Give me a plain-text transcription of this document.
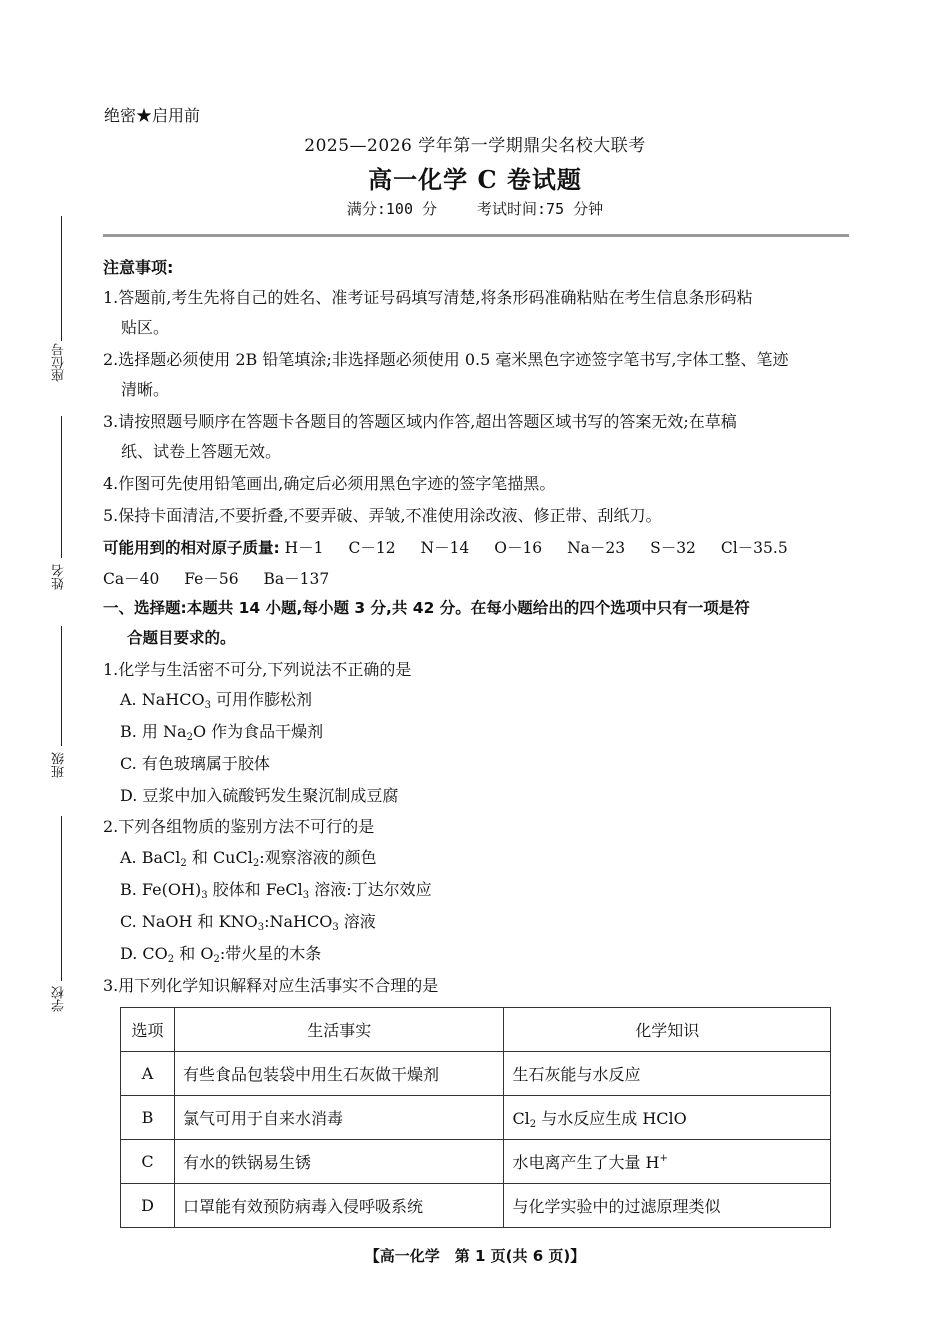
绝密★启用前
2025—2026 学年第一学期鼎尖名校大联考
高一化学 C 卷试题
满分:100 分	考试时间:75 分钟
座位号
姓名
班级
学校
注意事项:
1.答题前,考生先将自己的姓名、准考证号码填写清楚,将条形码准确粘贴在考生信息条形码粘
贴区。
2.选择题必须使用 2B 铅笔填涂;非选择题必须使用 0.5 毫米黑色字迹签字笔书写,字体工整、笔迹
清晰。
3.请按照题号顺序在答题卡各题目的答题区域内作答,超出答题区域书写的答案无效;在草稿
纸、试卷上答题无效。
4.作图可先使用铅笔画出,确定后必须用黑色字迹的签字笔描黑。
5.保持卡面清洁,不要折叠,不要弄破、弄皱,不准使用涂改液、修正带、刮纸刀。
可能用到的相对原子质量: H－1 C－12 N－14 O－16 Na－23 S－32 Cl－35.5
Ca－40 Fe－56 Ba－137
一、选择题:本题共 14 小题,每小题 3 分,共 42 分。在每小题给出的四个选项中只有一项是符
合题目要求的。
1.化学与生活密不可分,下列说法不正确的是
A. NaHCO$_3$ 可用作膨松剂
B. 用 $Na_2O$ 作为食品干燥剂
C. 有色玻璃属于胶体
D. 豆浆中加入硫酸钙发生聚沉制成豆腐
2.下列各组物质的鉴别方法不可行的是
A. BaCl$_2$ 和 CuCl$_2$:观察溶液的颜色
B. $Fe(OH)_3$ 胶体和 FeCl$_3$ 溶液:丁达尔效应
C. NaOH 和 $KNO_3:NaHCO_3$ 溶液
D. $CO_2$ 和 $O_2$:带火星的木条
3.用下列化学知识解释对应生活事实不合理的是
选项	生活事实	化学知识
A	有些食品包装袋中用生石灰做干燥剂	生石灰能与水反应
B	氯气可用于自来水消毒	$Cl_2$ 与水反应生成 HClO
C	有水的铁锅易生锈	水电离产生了大量 H+
D	口罩能有效预防病毒入侵呼吸系统	与化学实验中的过滤原理类似
【高一化学　第 1 页(共 6 页)】
